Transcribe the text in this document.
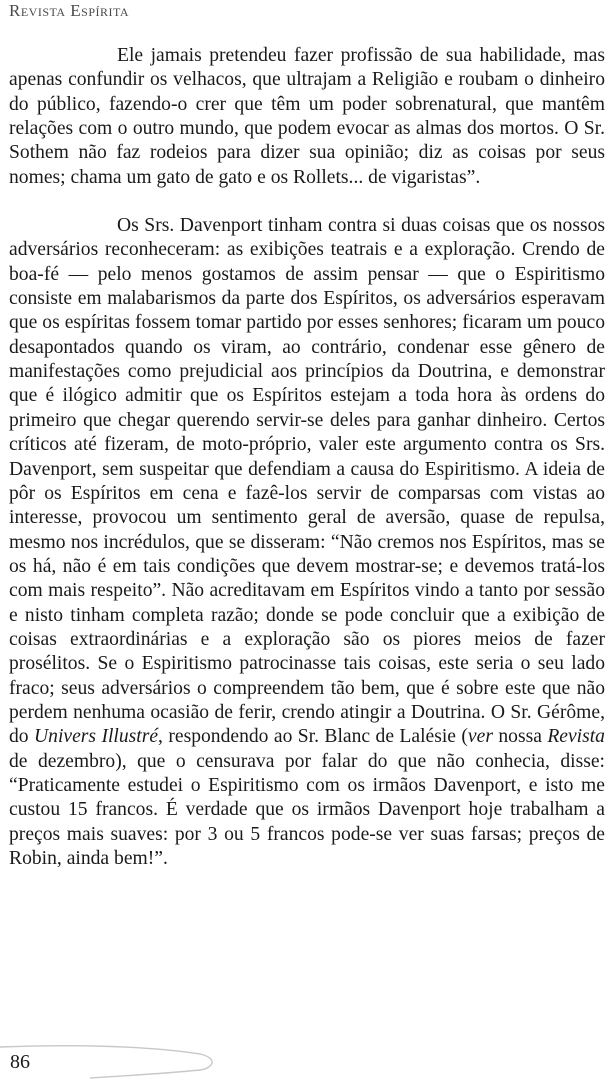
Revista Espírita

Ele jamais pretendeu fazer profissão de sua habilidade, mas apenas confundir os velhacos, que ultrajam a Religião e roubam o dinheiro do público, fazendo-o crer que têm um poder sobrenatural, que mantêm relações com o outro mundo, que podem evocar as almas dos mortos. O Sr. Sothem não faz rodeios para dizer sua opinião; diz as coisas por seus nomes; chama um gato de gato e os Rollets... de vigaristas”.

Os Srs. Davenport tinham contra si duas coisas que os nossos adversários reconheceram: as exibições teatrais e a exploração. Crendo de boa-fé — pelo menos gostamos de assim pensar — que o Espiritismo consiste em malabarismos da parte dos Espíritos, os adversários esperavam que os espíritas fossem tomar partido por esses senhores; ficaram um pouco desapontados quando os viram, ao contrário, condenar esse gênero de manifestações como prejudicial aos princípios da Doutrina, e demonstrar que é ilógico admitir que os Espíritos estejam a toda hora às ordens do primeiro que chegar querendo servir-se deles para ganhar dinheiro. Certos críticos até fizeram, de moto-próprio, valer este argumento contra os Srs. Davenport, sem suspeitar que defendiam a causa do Espiritismo. A ideia de pôr os Espíritos em cena e fazê-los servir de comparsas com vistas ao interesse, provocou um sentimento geral de aversão, quase de repulsa, mesmo nos incrédulos, que se disseram: “Não cremos nos Espíritos, mas se os há, não é em tais condições que devem mostrar-se; e devemos tratá-los com mais respeito”. Não acreditavam em Espíritos vindo a tanto por sessão e nisto tinham completa razão; donde se pode concluir que a exibição de coisas extraordinárias e a exploração são os piores meios de fazer prosélitos. Se o Espiritismo patrocinasse tais coisas, este seria o seu lado fraco; seus adversários o compreendem tão bem, que é sobre este que não perdem nenhuma ocasião de ferir, crendo atingir a Doutrina. O Sr. Gérôme, do Univers Illustré, respondendo ao Sr. Blanc de Lalésie (ver nossa Revista de dezembro), que o censurava por falar do que não conhecia, disse: “Praticamente estudei o Espiritismo com os irmãos Davenport, e isto me custou 15 francos. É verdade que os irmãos Davenport hoje trabalham a preços mais suaves: por 3 ou 5 francos pode-se ver suas farsas; preços de Robin, ainda bem!”.

86
